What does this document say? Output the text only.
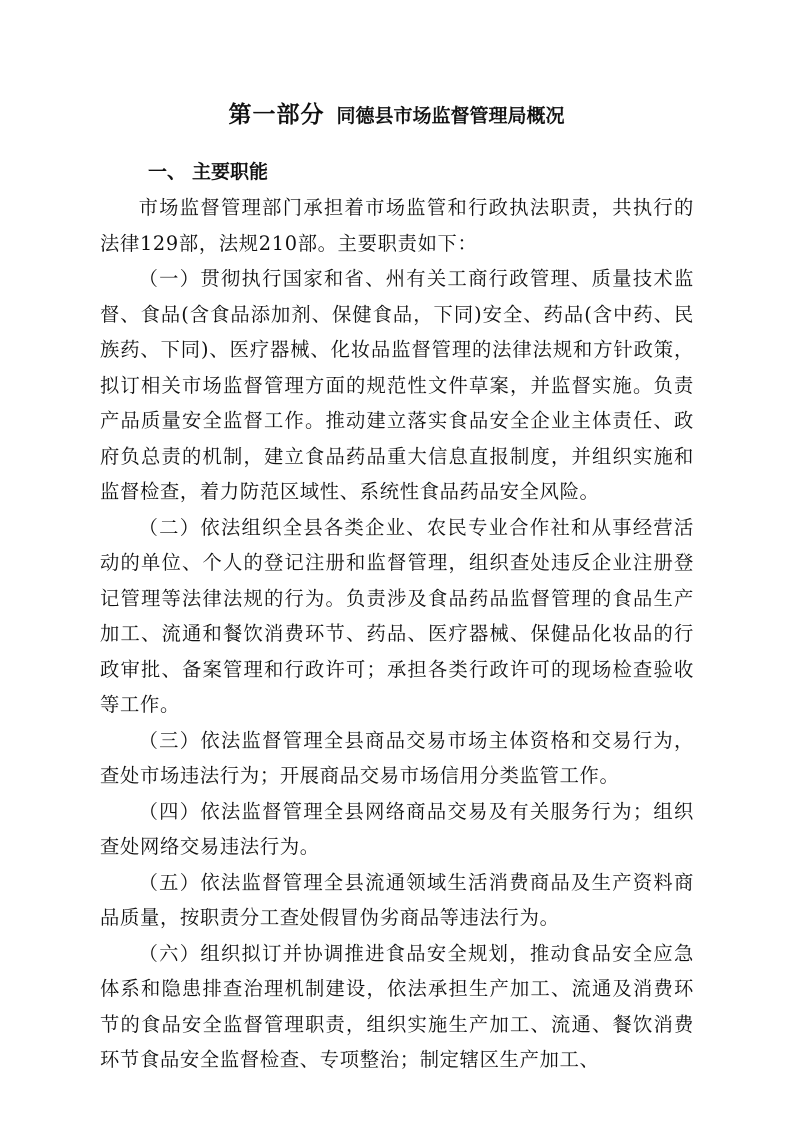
第一部分 同德县市场监督管理局概况
一、 主要职能

市场监督管理部门承担着市场监管和行政执法职责，共执行的法律129部，法规210部。主要职责如下：

（一）贯彻执行国家和省、州有关工商行政管理、质量技术监督、食品(含食品添加剂、保健食品，下同)安全、药品(含中药、民族药、下同)、医疗器械、化妆品监督管理的法律法规和方针政策，拟订相关市场监督管理方面的规范性文件草案，并监督实施。负责产品质量安全监督工作。推动建立落实食品安全企业主体责任、政府负总责的机制，建立食品药品重大信息直报制度，并组织实施和监督检查，着力防范区域性、系统性食品药品安全风险。

（二）依法组织全县各类企业、农民专业合作社和从事经营活动的单位、个人的登记注册和监督管理，组织查处违反企业注册登记管理等法律法规的行为。负责涉及食品药品监督管理的食品生产加工、流通和餐饮消费环节、药品、医疗器械、保健品化妆品的行政审批、备案管理和行政许可；承担各类行政许可的现场检查验收等工作。

（三）依法监督管理全县商品交易市场主体资格和交易行为，查处市场违法行为；开展商品交易市场信用分类监管工作。

（四）依法监督管理全县网络商品交易及有关服务行为；组织查处网络交易违法行为。

（五）依法监督管理全县流通领域生活消费商品及生产资料商品质量，按职责分工查处假冒伪劣商品等违法行为。

（六）组织拟订并协调推进食品安全规划，推动食品安全应急体系和隐患排查治理机制建设，依法承担生产加工、流通及消费环节的食品安全监督管理职责，组织实施生产加工、流通、餐饮消费环节食品安全监督检查、专项整治；制定辖区生产加工、
